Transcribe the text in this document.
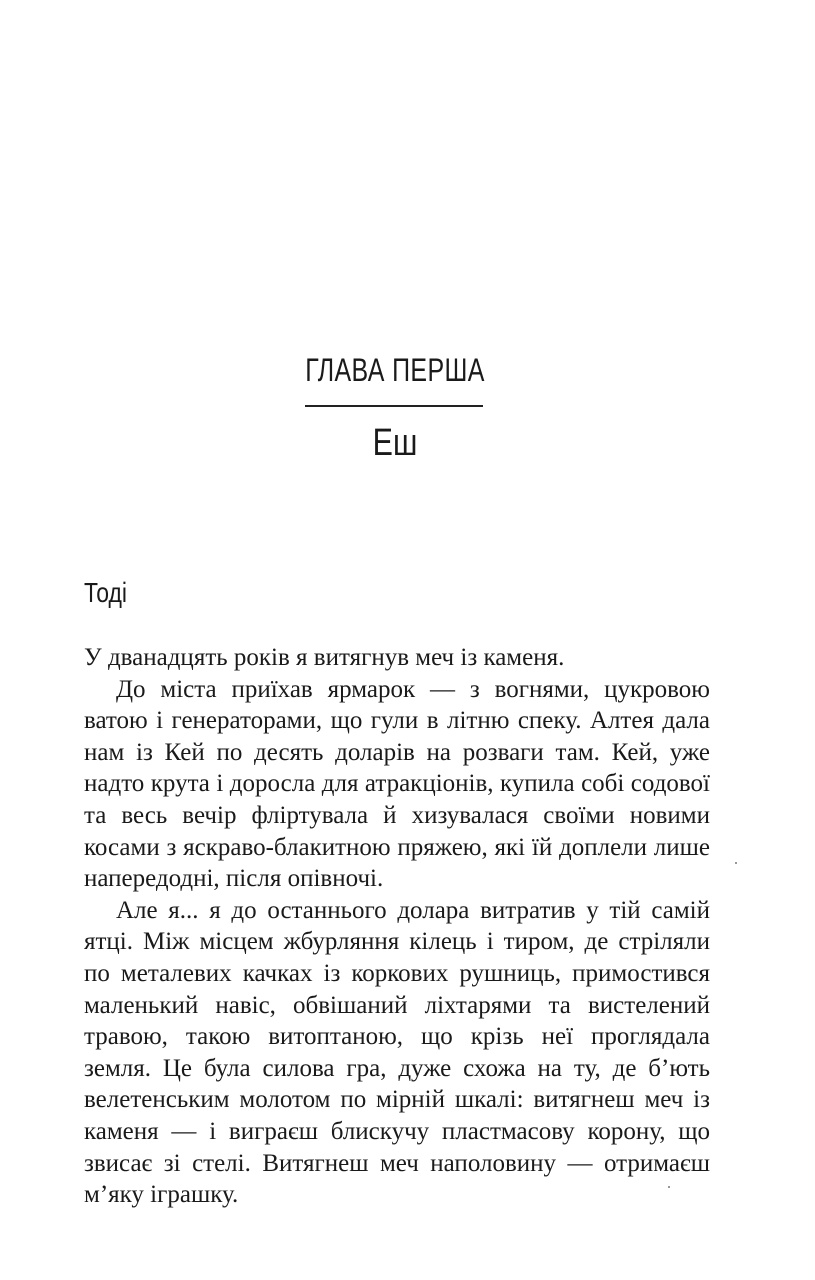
ГЛАВА ПЕРША
Еш
Тоді

У дванадцять років я витягнув меч із каменя.

До міста приїхав ярмарок — з вогнями, цукровою ватою і генераторами, що гули в літню спеку. Алтея дала нам із Кей по десять доларів на розваги там. Кей, уже надто крута і доросла для атракціонів, купила собі содової та весь вечір фліртувала й хизувалася своїми новими косами з яскраво-блакитною пряжею, які їй доплели лише напередодні, після опівночі.

Але я... я до останнього долара витратив у тій самій ятці. Між місцем жбурляння кілець і тиром, де стріляли по металевих качках із коркових рушниць, примостився маленький навіс, обвішаний ліхтарями та вистелений травою, такою витоптаною, що крізь неї проглядала земля. Це була силова гра, дуже схожа на ту, де б’ють велетенським молотом по мірній шкалі: витягнеш меч із каменя — і виграєш блискучу пластмасову корону, що звисає зі стелі. Витягнеш меч наполовину — отримаєш м’яку іграшку.
